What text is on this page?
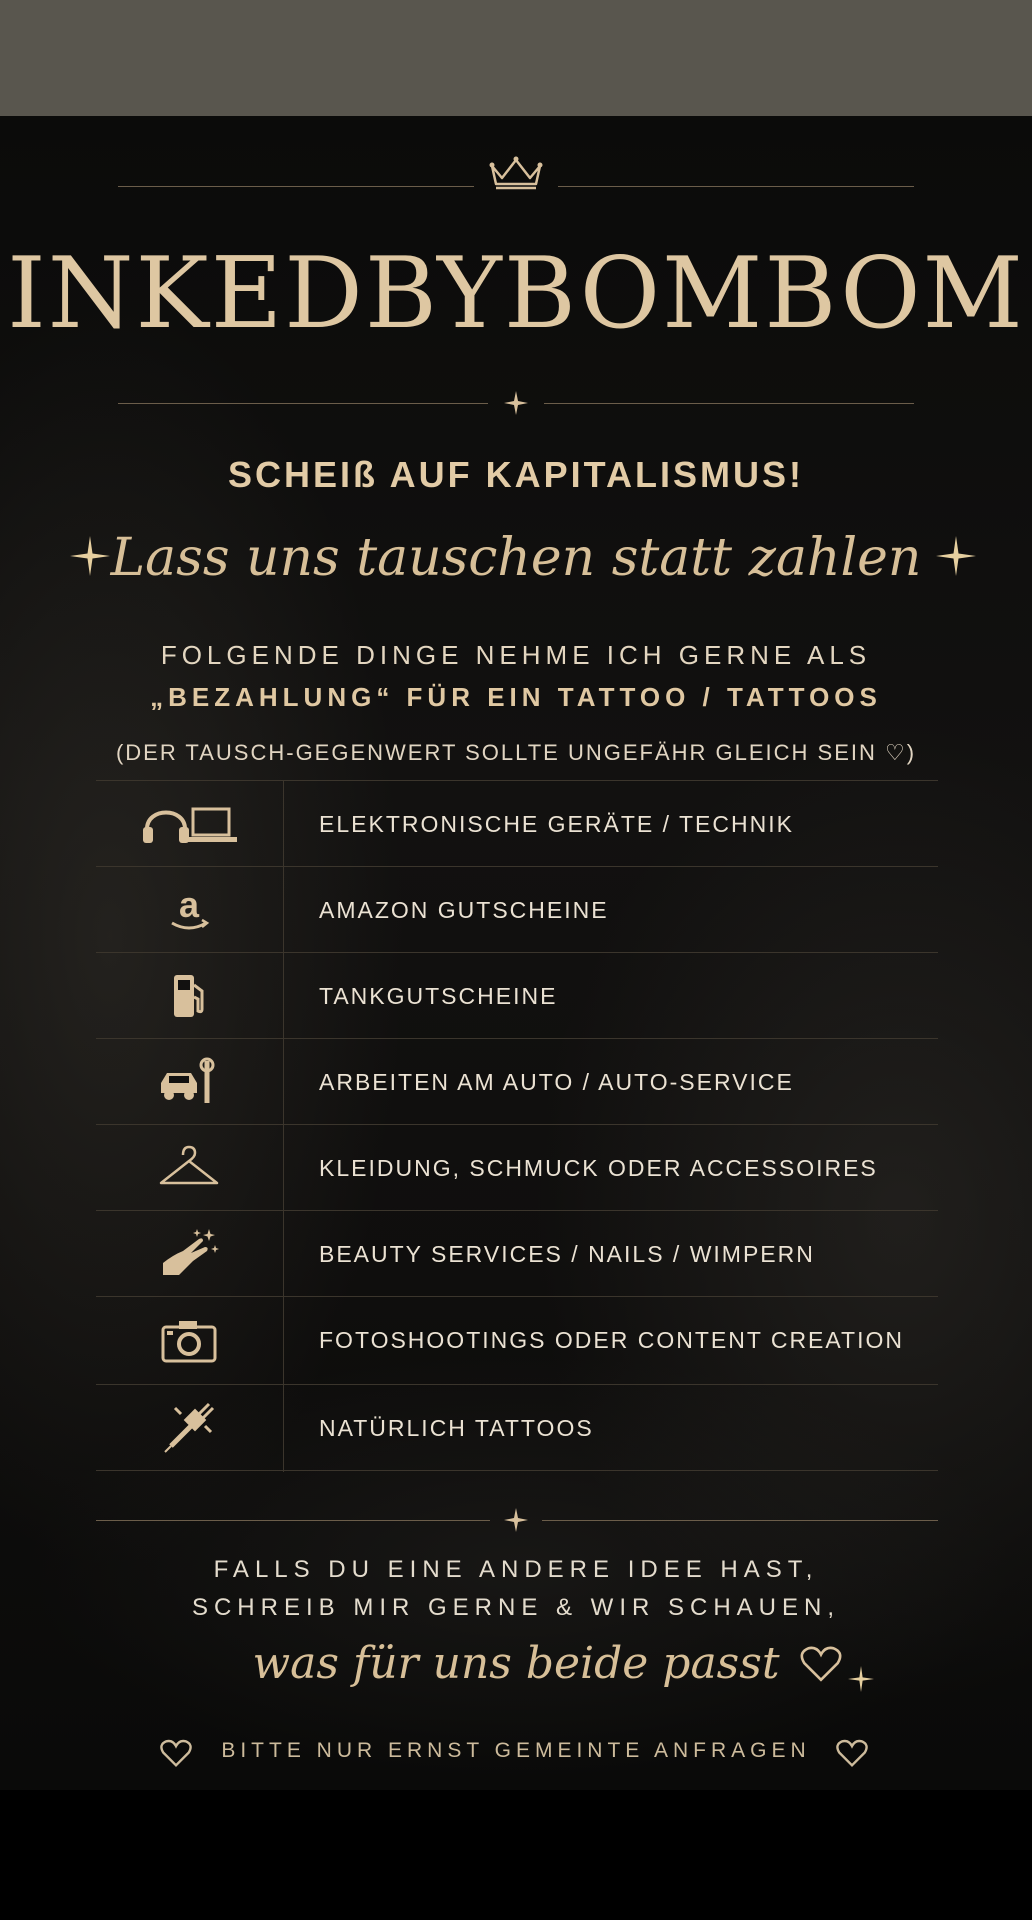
INKEDBYBOMBOM
SCHEIß AUF KAPITALISMUS!
Lass uns tauschen statt zahlen
FOLGENDE DINGE NEHME ICH GERNE ALS
„BEZAHLUNG“ FÜR EIN TATTOO / TATTOOS
(DER TAUSCH-GEGENWERT SOLLTE UNGEFÄHR GLEICH SEIN ♡)
ELEKTRONISCHE GERÄTE / TECHNIK
a	AMAZON GUTSCHEINE
TANKGUTSCHEINE
ARBEITEN AM AUTO / AUTO-SERVICE
KLEIDUNG, SCHMUCK ODER ACCESSOIRES
BEAUTY SERVICES / NAILS / WIMPERN
FOTOSHOOTINGS ODER CONTENT CREATION
NATÜRLICH TATTOOS
FALLS DU EINE ANDERE IDEE HAST,
SCHREIB MIR GERNE & WIR SCHAUEN,
was für uns beide passt
BITTE NUR ERNST GEMEINTE ANFRAGEN
